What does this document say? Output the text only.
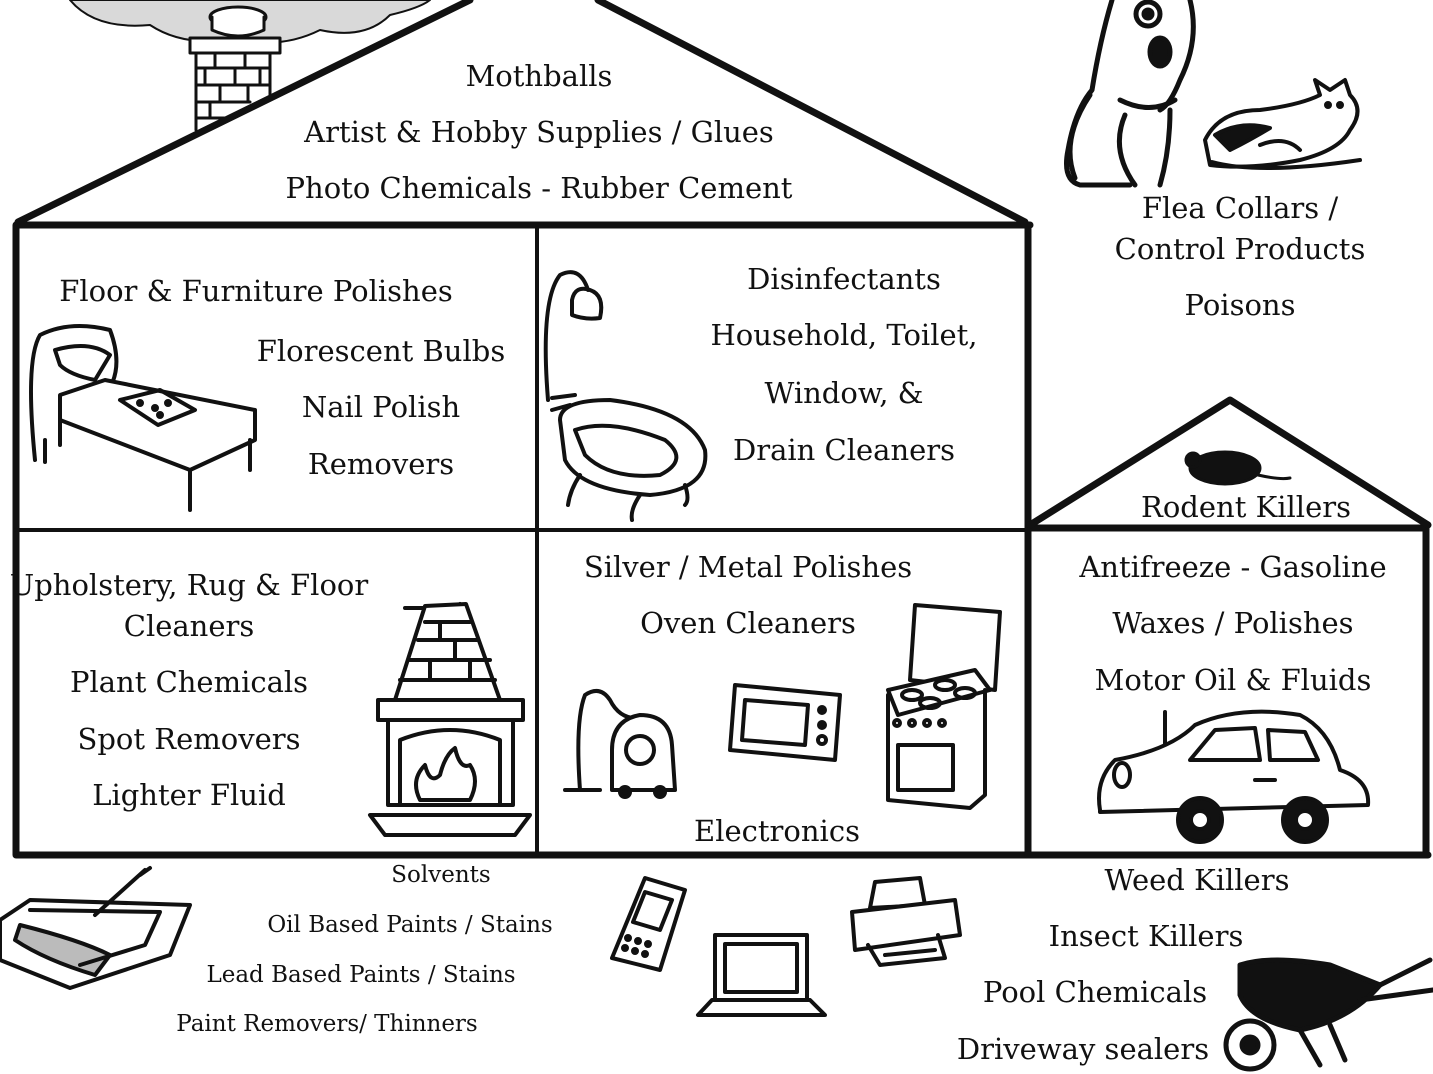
Mothballs
Artist & Hobby Supplies / Glues
Photo Chemicals - Rubber Cement
Floor & Furniture Polishes
Florescent Bulbs
Nail Polish
Removers
Disinfectants
Household, Toilet,
Window, &
Drain Cleaners
Upholstery, Rug & Floor
Cleaners
Plant Chemicals
Spot Removers
Lighter Fluid
Silver / Metal Polishes
Oven Cleaners
Electronics
Flea Collars /
Control Products
Poisons
Rodent Killers
Antifreeze - Gasoline
Waxes / Polishes
Motor Oil & Fluids
Solvents
Oil Based Paints / Stains
Lead Based Paints / Stains
Paint Removers/ Thinners
Weed Killers
Insect Killers
Pool Chemicals
Driveway sealers
